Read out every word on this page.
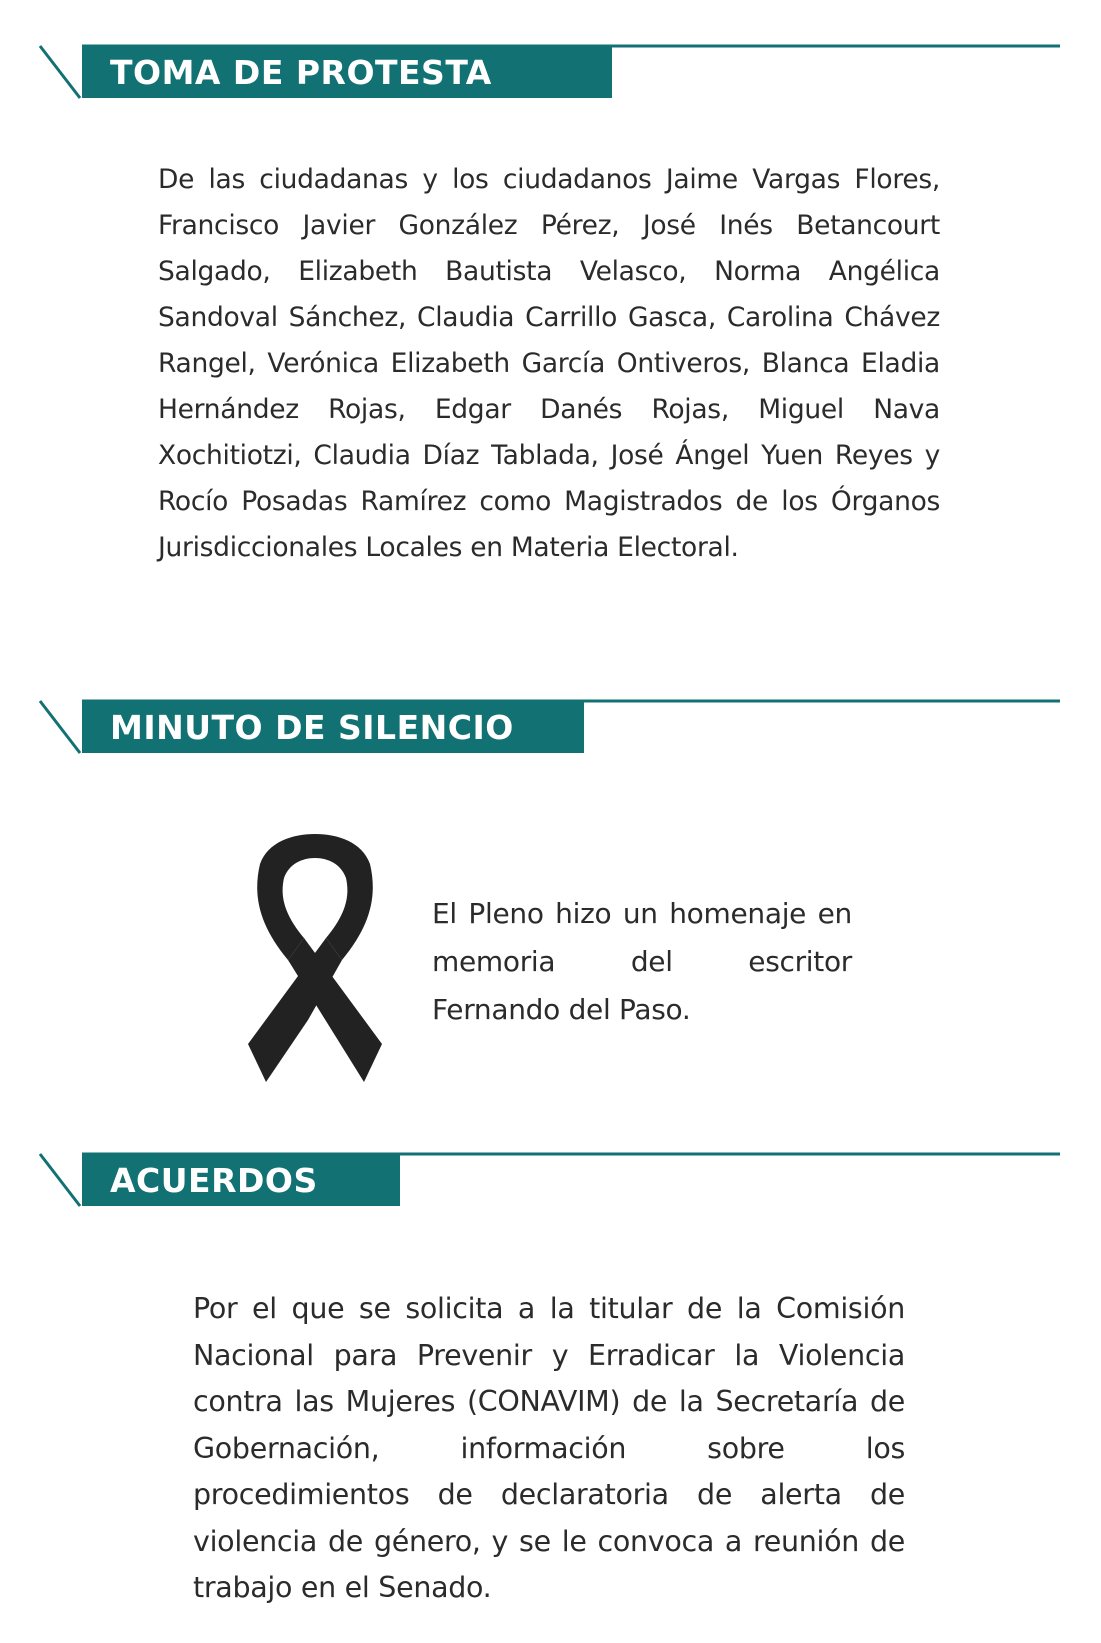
TOMA DE PROTESTA
De las ciudadanas y los ciudadanos Jaime Vargas Flores, Francisco Javier González Pérez, José Inés Betancourt Salgado, Elizabeth Bautista Velasco, Norma Angélica Sandoval Sánchez, Claudia Carrillo Gasca, Carolina Chávez Rangel, Verónica Elizabeth García Ontiveros, Blanca Eladia Hernández Rojas, Edgar Danés Rojas, Miguel Nava Xochitiotzi, Claudia Díaz Tablada, José Ángel Yuen Reyes y Rocío Posadas Ramírez como Magistrados de los Órganos Jurisdiccionales Locales en Materia Electoral.
MINUTO DE SILENCIO
El Pleno hizo un homenaje en memoria del escritor Fernando del Paso.
ACUERDOS
Por el que se solicita a la titular de la Comisión Nacional para Prevenir y Erradicar la Violencia contra las Mujeres (CONAVIM) de la Secretaría de Gobernación, información sobre los procedimientos de declaratoria de alerta de violencia de género, y se le convoca a reunión de trabajo en el Senado.
